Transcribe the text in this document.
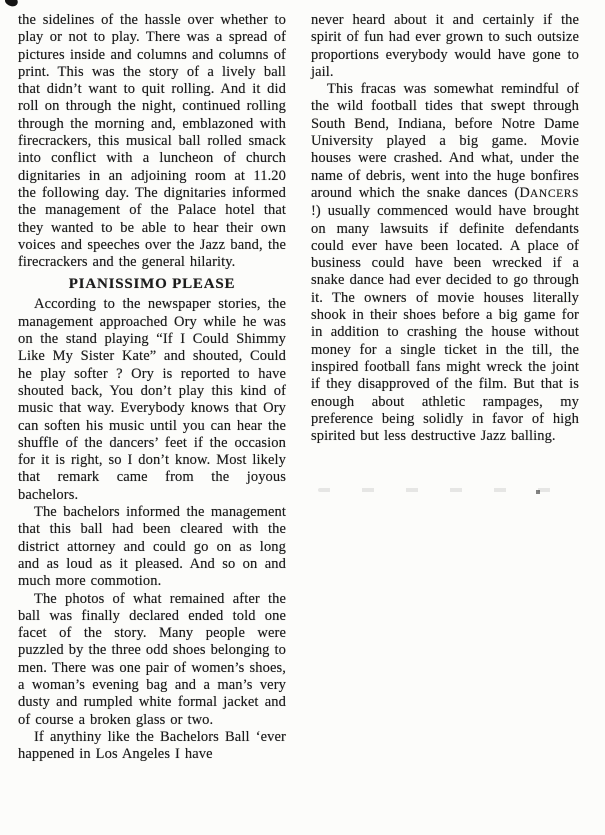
the sidelines of the hassle over whether to play or not to play. There was a spread of pictures inside and columns and columns of print. This was the story of a lively ball that didn’t want to quit rolling. And it did roll on through the night, continued rolling through the morning and, emblazoned with firecrackers, this musical ball rolled smack into conflict with a luncheon of church dignitaries in an adjoining room at 11.20 the following day. The dignitaries informed the management of the Palace hotel that they wanted to be able to hear their own voices and speeches over the Jazz band, the firecrackers and the general hilarity.

PIANISSIMO PLEASE

According to the newspaper stories, the management approached Ory while he was on the stand playing “If I Could Shimmy Like My Sister Kate” and shouted, Could he play softer ? Ory is reported to have shouted back, You don’t play this kind of music that way. Everybody knows that Ory can soften his music until you can hear the shuffle of the dancers’ feet if the occasion for it is right, so I don’t know. Most likely that remark came from the joyous bachelors.

The bachelors informed the management that this ball had been cleared with the district attorney and could go on as long and as loud as it pleased. And so on and much more commotion.

The photos of what remained after the ball was finally declared ended told one facet of the story. Many people were puzzled by the three odd shoes belonging to men. There was one pair of women’s shoes, a woman’s evening bag and a man’s very dusty and rumpled white formal jacket and of course a broken glass or two.

If anythiny like the Bachelors Ball ‘ever happened in Los Angeles I have

never heard about it and certainly if the spirit of fun had ever grown to such outsize proportions everybody would have gone to jail.

This fracas was somewhat remindful of the wild football tides that swept through South Bend, Indiana, before Notre Dame University played a big game. Movie houses were crashed. And what, under the name of debris, went into the huge bonfires around which the snake dances (DANCERS !) usually commenced would have brought on many lawsuits if definite defendants could ever have been located. A place of business could have been wrecked if a snake dance had ever decided to go through it. The owners of movie houses literally shook in their shoes before a big game for in addition to crashing the house without money for a single ticket in the till, the inspired football fans might wreck the joint if they disapproved of the film. But that is enough about athletic rampages, my preference being solidly in favor of high spirited but less destructive Jazz balling.
